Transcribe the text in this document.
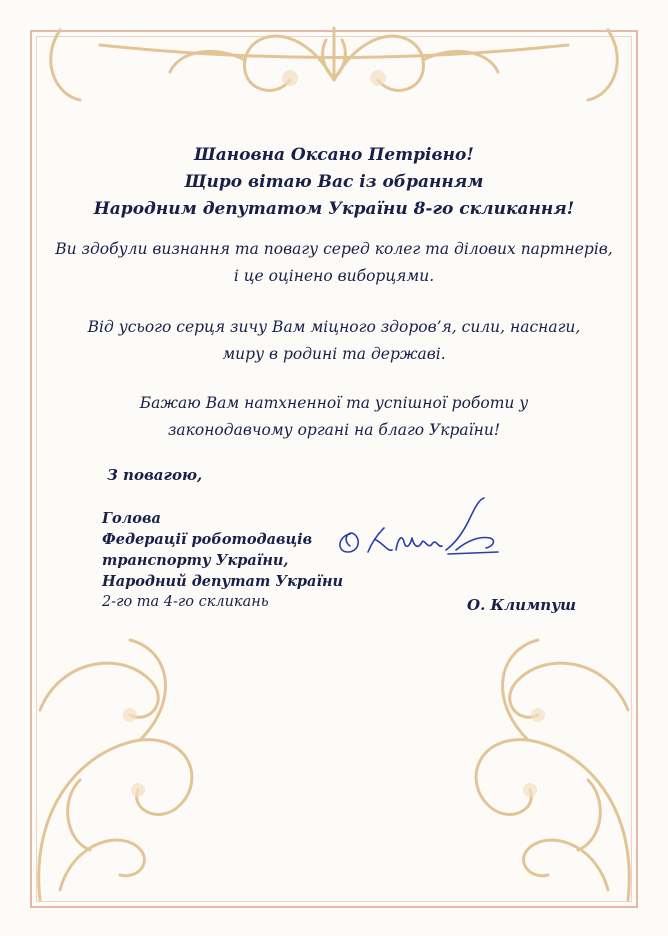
Шановна Оксано Петрівно!
Щиро вітаю Вас із обранням
Народним депутатом України 8-го скликання!
Ви здобули визнання та повагу серед колег та ділових партнерів,
і це оцінено виборцями.
Від усього серця зичу Вам міцного здоров’я, сили, наснаги,
миру в родині та державі.
Бажаю Вам натхненної та успішної роботи у
законодавчому органі на благо України!
З повагою,
Голова
Федерації роботодавців
транспорту України,
Народний депутат України
2-го та 4-го скликань	О. Климпуш
